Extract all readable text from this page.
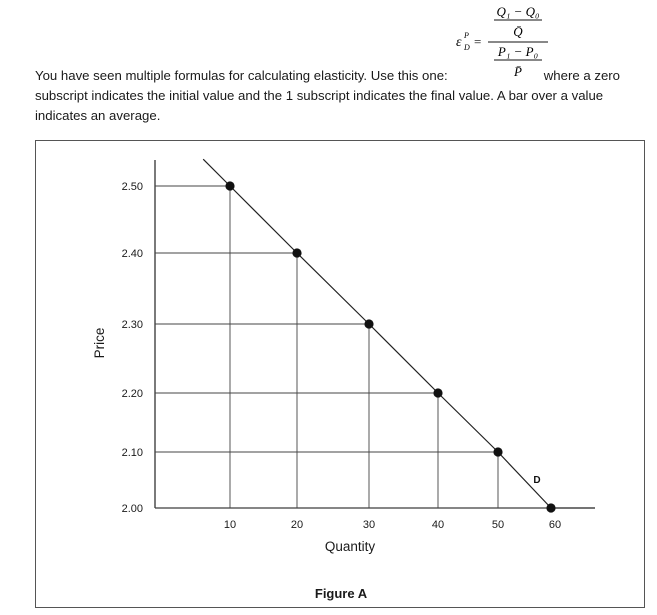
ε P
D =
Q₁ − Q₀
Q̄
P₁ − P₀
P̄
You have seen multiple formulas for calculating elasticity. Use this one:	where a zero
subscript indicates the initial value and the 1 subscript indicates the final value. A bar over a value indicates an average.
D
2.50
2.40
2.30
2.20
2.10
2.00
10	20	30	40	50	60
Quantity
Price
Figure A
